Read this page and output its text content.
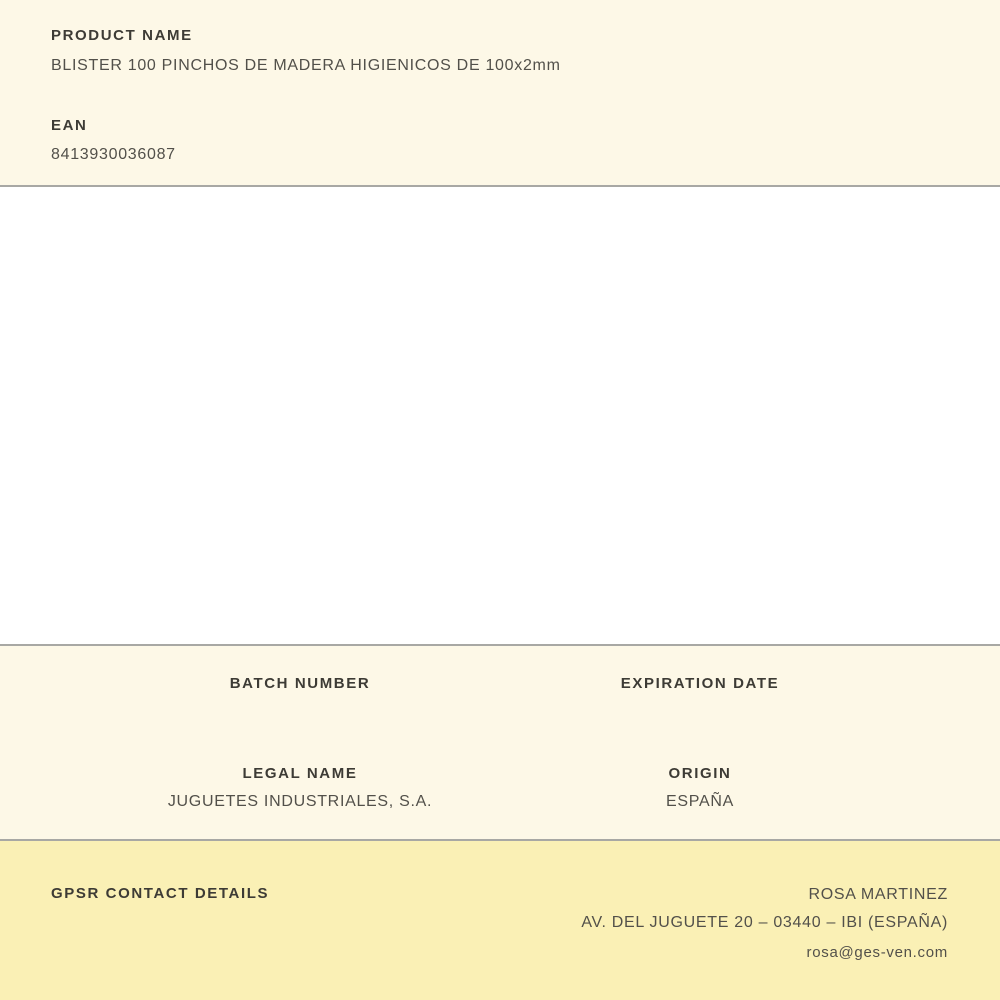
PRODUCT NAME
BLISTER 100 PINCHOS DE MADERA HIGIENICOS DE 100x2mm
EAN
8413930036087
BATCH NUMBER	EXPIRATION DATE
LEGAL NAME
JUGUETES INDUSTRIALES, S.A.
ORIGIN
ESPAÑA
GPSR CONTACT DETAILS	ROSA MARTINEZ
AV. DEL JUGUETE 20 – 03440 – IBI (ESPAÑA)
rosa@ges-ven.com
